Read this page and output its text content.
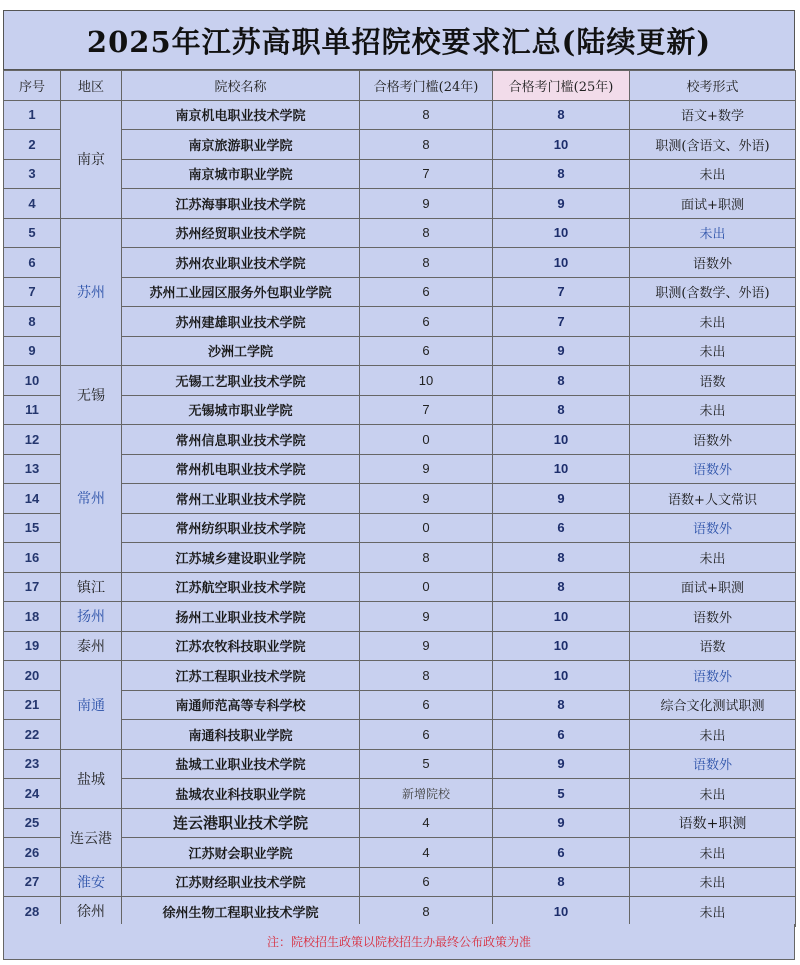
2025年江苏高职单招院校要求汇总(陆续更新)
序号	地区	院校名称	合格考门槛(24年)	合格考门槛(25年)	校考形式
1	南京	南京机电职业技术学院	8	8	语文+数学
2		南京旅游职业学院	8	10	职测(含语文、外语)
3		南京城市职业学院	7	8	未出
4		江苏海事职业技术学院	9	9	面试+职测
5	苏州	苏州经贸职业技术学院	8	10	未出
6		苏州农业职业技术学院	8	10	语数外
7		苏州工业园区服务外包职业学院	6	7	职测(含数学、外语)
8		苏州建雄职业技术学院	6	7	未出
9		沙洲工学院	6	9	未出
10	无锡	无锡工艺职业技术学院	10	8	语数
11		无锡城市职业学院	7	8	未出
12	常州	常州信息职业技术学院	0	10	语数外
13		常州机电职业技术学院	9	10	语数外
14		常州工业职业技术学院	9	9	语数+人文常识
15		常州纺织职业技术学院	0	6	语数外
16		江苏城乡建设职业学院	8	8	未出
17	镇江	江苏航空职业技术学院	0	8	面试+职测
18	扬州	扬州工业职业技术学院	9	10	语数外
19	泰州	江苏农牧科技职业学院	9	10	语数
20	南通	江苏工程职业技术学院	8	10	语数外
21		南通师范高等专科学校	6	8	综合文化测试职测
22		南通科技职业学院	6	6	未出
23	盐城	盐城工业职业技术学院	5	9	语数外
24		盐城农业科技职业学院	新增院校	5	未出
25	连云港	连云港职业技术学院	4	9	语数+职测
26		江苏财会职业学院	4	6	未出
27	淮安	江苏财经职业技术学院	6	8	未出
28	徐州	徐州生物工程职业技术学院	8	10	未出
注：院校招生政策以院校招生办最终公布政策为准
